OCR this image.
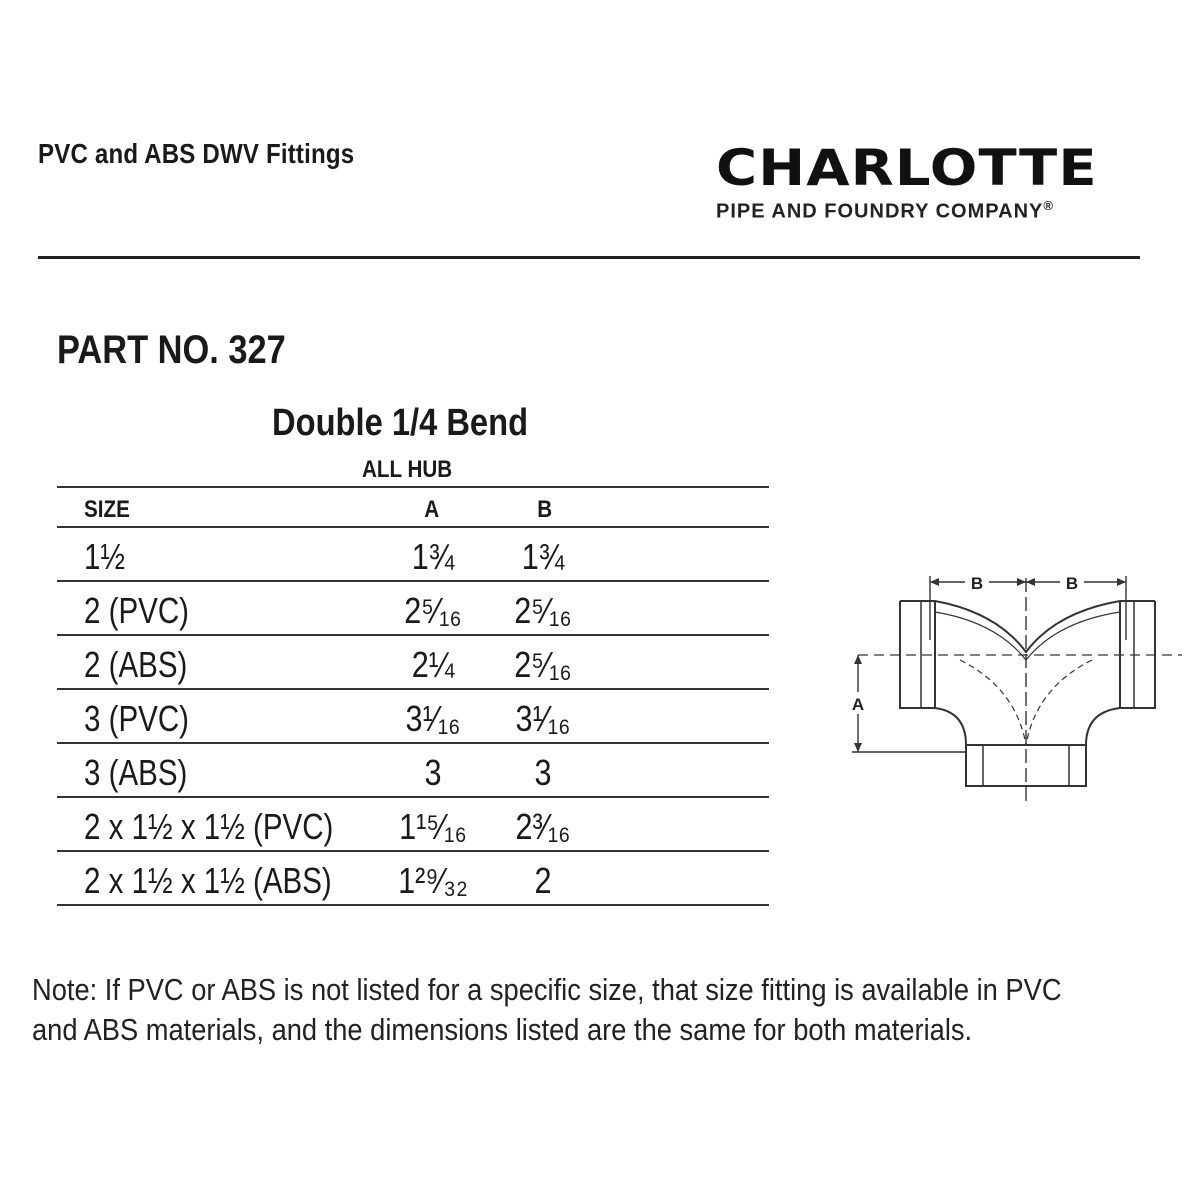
PVC and ABS DWV Fittings	CHARLOTTE
PIPE AND FOUNDRY COMPANY®
PART NO. 327
Double 1/4 Bend
ALL HUB
SIZE	A	B
1½	1¾	1¾
2 (PVC)	2⁵⁄₁₆	2⁵⁄₁₆
2 (ABS)	2¼	2⁵⁄₁₆
3 (PVC)	3¹⁄₁₆	3¹⁄₁₆
3 (ABS)	3	3
2 x 1½ x 1½ (PVC)	1¹⁵⁄₁₆	2³⁄₁₆
2 x 1½ x 1½ (ABS)	1²⁹⁄₃₂	2
B	B
A
Note: If PVC or ABS is not listed for a specific size, that size fitting is available in PVC and ABS materials, and the dimensions listed are the same for both materials.
